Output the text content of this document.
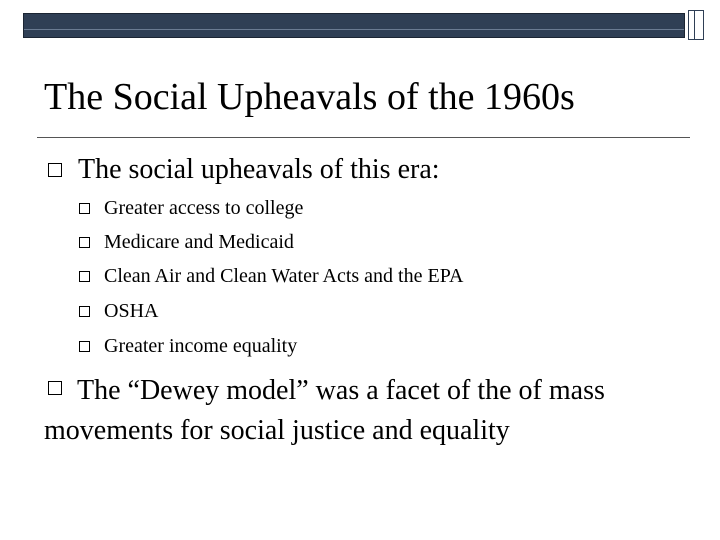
The Social Upheavals of the 1960s
The social upheavals of this era:
Greater access to college
Medicare and Medicaid
Clean Air and Clean Water Acts and the EPA
OSHA
Greater income equality
The “Dewey model” was a facet of the of mass movements for social justice and equality
